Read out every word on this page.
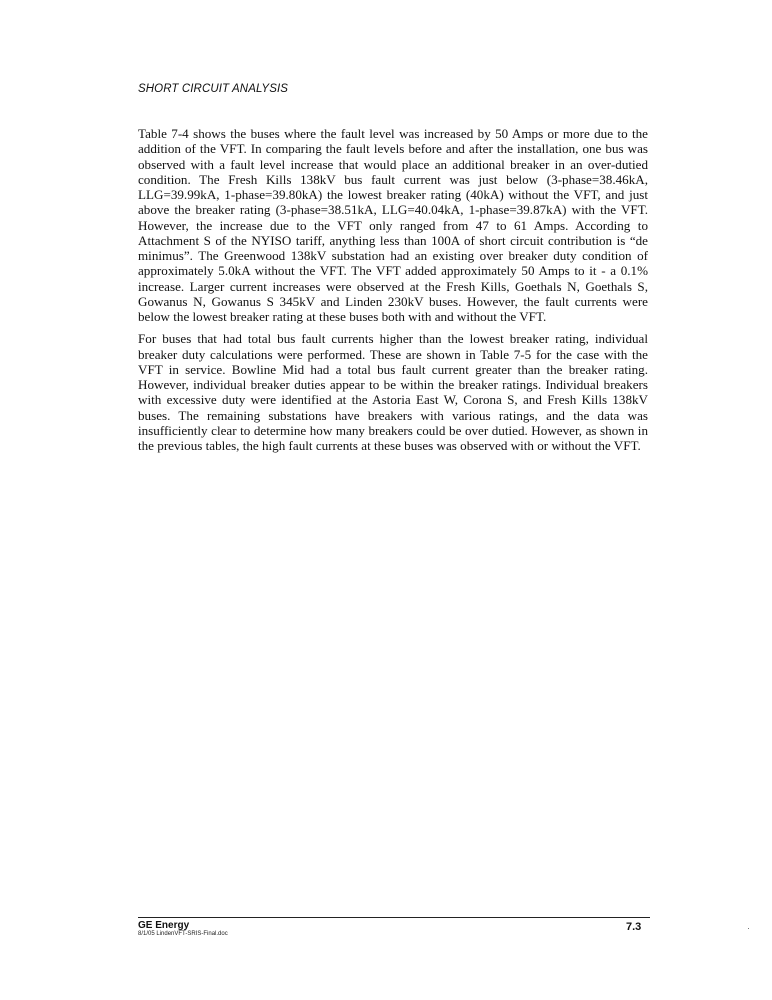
SHORT CIRCUIT ANALYSIS

Table 7-4 shows the buses where the fault level was increased by 50 Amps or more due to the addition of the VFT. In comparing the fault levels before and after the installation, one bus was observed with a fault level increase that would place an additional breaker in an over-dutied condition. The Fresh Kills 138kV bus fault current was just below (3-phase=38.46kA, LLG=39.99kA, 1-phase=39.80kA) the lowest breaker rating (40kA) without the VFT, and just above the breaker rating (3-phase=38.51kA, LLG=40.04kA, 1-phase=39.87kA) with the VFT. However, the increase due to the VFT only ranged from 47 to 61 Amps. According to Attachment S of the NYISO tariff, anything less than 100A of short circuit contribution is “de minimus”. The Greenwood 138kV substation had an existing over breaker duty condition of approximately 5.0kA without the VFT. The VFT added approximately 50 Amps to it - a 0.1% increase. Larger current increases were observed at the Fresh Kills, Goethals N, Goethals S, Gowanus N, Gowanus S 345kV and Linden 230kV buses. However, the fault currents were below the lowest breaker rating at these buses both with and without the VFT.

For buses that had total bus fault currents higher than the lowest breaker rating, individual breaker duty calculations were performed. These are shown in Table 7-5 for the case with the VFT in service. Bowline Mid had a total bus fault current greater than the breaker rating. However, individual breaker duties appear to be within the breaker ratings. Individual breakers with excessive duty were identified at the Astoria East W, Corona S, and Fresh Kills 138kV buses. The remaining substations have breakers with various ratings, and the data was insufficiently clear to determine how many breakers could be over dutied. However, as shown in the previous tables, the high fault currents at these buses was observed with or without the VFT.

GE Energy
8/1/05 LindenVFT-SRIS-Final.doc
7.3
